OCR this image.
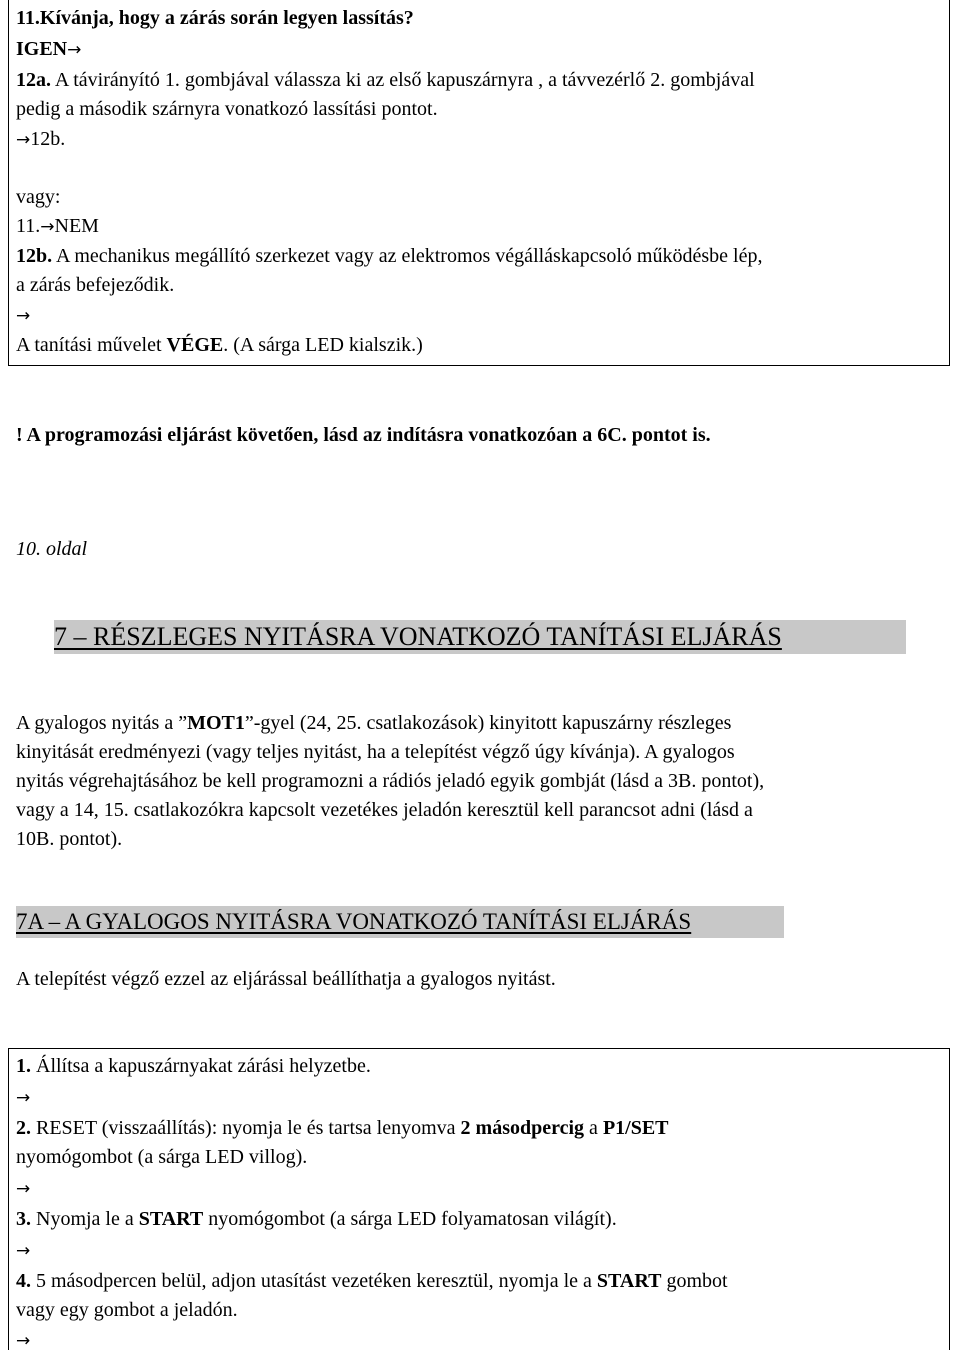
11.Kívánja, hogy a zárás során legyen lassítás?
IGEN→
12a. A távirányító 1. gombjával válassza ki az első kapuszárnyra , a távvezérlő 2. gombjával
pedig a második szárnyra vonatkozó lassítási pontot.
→12b.
vagy:
11.→NEM
12b. A mechanikus megállító szerkezet vagy az elektromos végálláskapcsoló működésbe lép,
a zárás befejeződik.
→
A tanítási művelet VÉGE. (A sárga LED kialszik.)
! A programozási eljárást követően, lásd az indításra vonatkozóan a 6C. pontot is.
10. oldal
7 – RÉSZLEGES NYITÁSRA VONATKOZÓ TANÍTÁSI ELJÁRÁS
A gyalogos nyitás a ”MOT1”-gyel (24, 25. csatlakozások) kinyitott kapuszárny részleges
kinyitását eredményezi (vagy teljes nyitást, ha a telepítést végző úgy kívánja). A gyalogos
nyitás végrehajtásához be kell programozni a rádiós jeladó egyik gombját (lásd a 3B. pontot),
vagy a 14, 15. csatlakozókra kapcsolt vezetékes jeladón keresztül kell parancsot adni (lásd a
10B. pontot).
7A – A GYALOGOS NYITÁSRA VONATKOZÓ TANÍTÁSI ELJÁRÁS
A telepítést végző ezzel az eljárással beállíthatja a gyalogos nyitást.
1. Állítsa a kapuszárnyakat zárási helyzetbe.
→
2. RESET (visszaállítás): nyomja le és tartsa lenyomva 2 másodpercig a P1/SET
nyomógombot (a sárga LED villog).
→
3. Nyomja le a START nyomógombot (a sárga LED folyamatosan világít).
→
4. 5 másodpercen belül, adjon utasítást vezetéken keresztül, nyomja le a START gombot
vagy egy gombot a jeladón.
→
